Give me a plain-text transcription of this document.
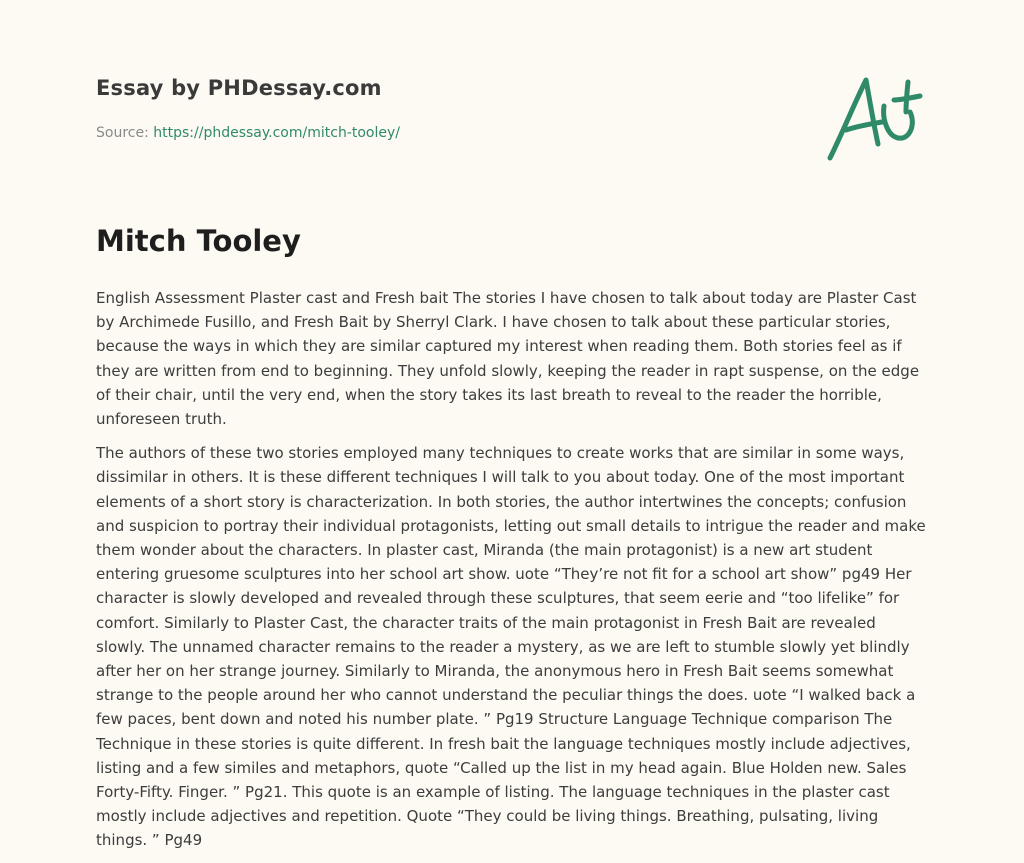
Essay by PHDessay.com
Source: https://phdessay.com/mitch-tooley/
Mitch Tooley

English Assessment Plaster cast and Fresh bait The stories I have chosen to talk about today are Plaster Cast by Archimede Fusillo, and Fresh Bait by Sherryl Clark. I have chosen to talk about these particular stories, because the ways in which they are similar captured my interest when reading them. Both stories feel as if they are written from end to beginning. They unfold slowly, keeping the reader in rapt suspense, on the edge of their chair, until the very end, when the story takes its last breath to reveal to the reader the horrible, unforeseen truth.

The authors of these two stories employed many techniques to create works that are similar in some ways, dissimilar in others. It is these different techniques I will talk to you about today. One of the most important elements of a short story is characterization. In both stories, the author intertwines the concepts; confusion and suspicion to portray their individual protagonists, letting out small details to intrigue the reader and make them wonder about the characters. In plaster cast, Miranda (the main protagonist) is a new art student entering gruesome sculptures into her school art show. uote “They’re not fit for a school art show” pg49 Her character is slowly developed and revealed through these sculptures, that seem eerie and “too lifelike” for comfort. Similarly to Plaster Cast, the character traits of the main protagonist in Fresh Bait are revealed slowly. The unnamed character remains to the reader a mystery, as we are left to stumble slowly yet blindly after her on her strange journey. Similarly to Miranda, the anonymous hero in Fresh Bait seems somewhat strange to the people around her who cannot understand the peculiar things the does. uote “I walked back a few paces, bent down and noted his number plate. ” Pg19 Structure Language Technique comparison The Technique in these stories is quite different. In fresh bait the language techniques mostly include adjectives, listing and a few similes and metaphors, quote “Called up the list in my head again. Blue Holden new. Sales Forty-Fifty. Finger. ” Pg21. This quote is an example of listing. The language techniques in the plaster cast mostly include adjectives and repetition. Quote “They could be living things. Breathing, pulsating, living things. ” Pg49
